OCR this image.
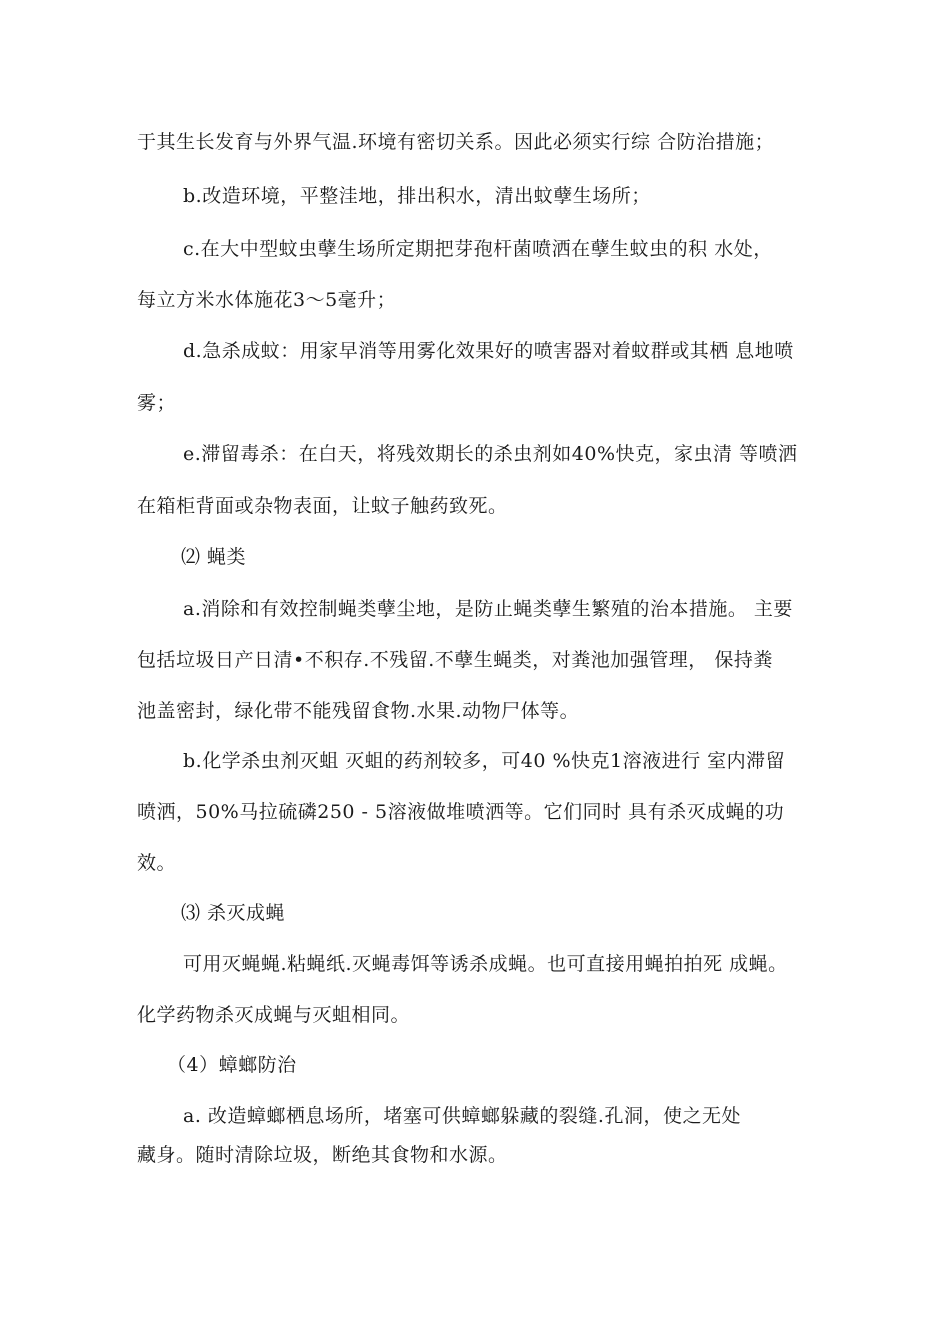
于其生长发育与外界气温.环境有密切关系。因此必须实行综 合防治措施；
b.改造环境，平整洼地，排出积水，清出蚊孽生场所；
c.在大中型蚊虫孽生场所定期把芽孢杆菌喷洒在孽生蚊虫的积 水处，
每立方米水体施花3〜5毫升；
d.急杀成蚊：用家早消等用雾化效果好的喷害器对着蚊群或其栖 息地喷
雾；
e.滞留毒杀：在白天，将残效期长的杀虫剂如40%快克，家虫清 等喷洒
在箱柜背面或杂物表面，让蚊子触药致死。
⑵ 蝇类
a.消除和有效控制蝇类孽尘地，是防止蝇类孽生繁殖的治本措施。 主要
包括垃圾日产日清•不积存.不残留.不孽生蝇类，对粪池加强管理， 保持粪
池盖密封，绿化带不能残留食物.水果.动物尸体等。
b.化学杀虫剂灭蛆 灭蛆的药剂较多，可40 %快克1溶液进行 室内滞留
喷洒，50%马拉硫磷250 - 5溶液做堆喷洒等。它们同时 具有杀灭成蝇的功
效。
⑶ 杀灭成蝇
可用灭蝇蝇.粘蝇纸.灭蝇毒饵等诱杀成蝇。也可直接用蝇拍拍死 成蝇。
化学药物杀灭成蝇与灭蛆相同。
（4）蟑螂防治
a. 改造蟑螂栖息场所，堵塞可供蟑螂躲藏的裂缝.孔洞，使之无处
藏身。随时清除垃圾，断绝其食物和水源。
